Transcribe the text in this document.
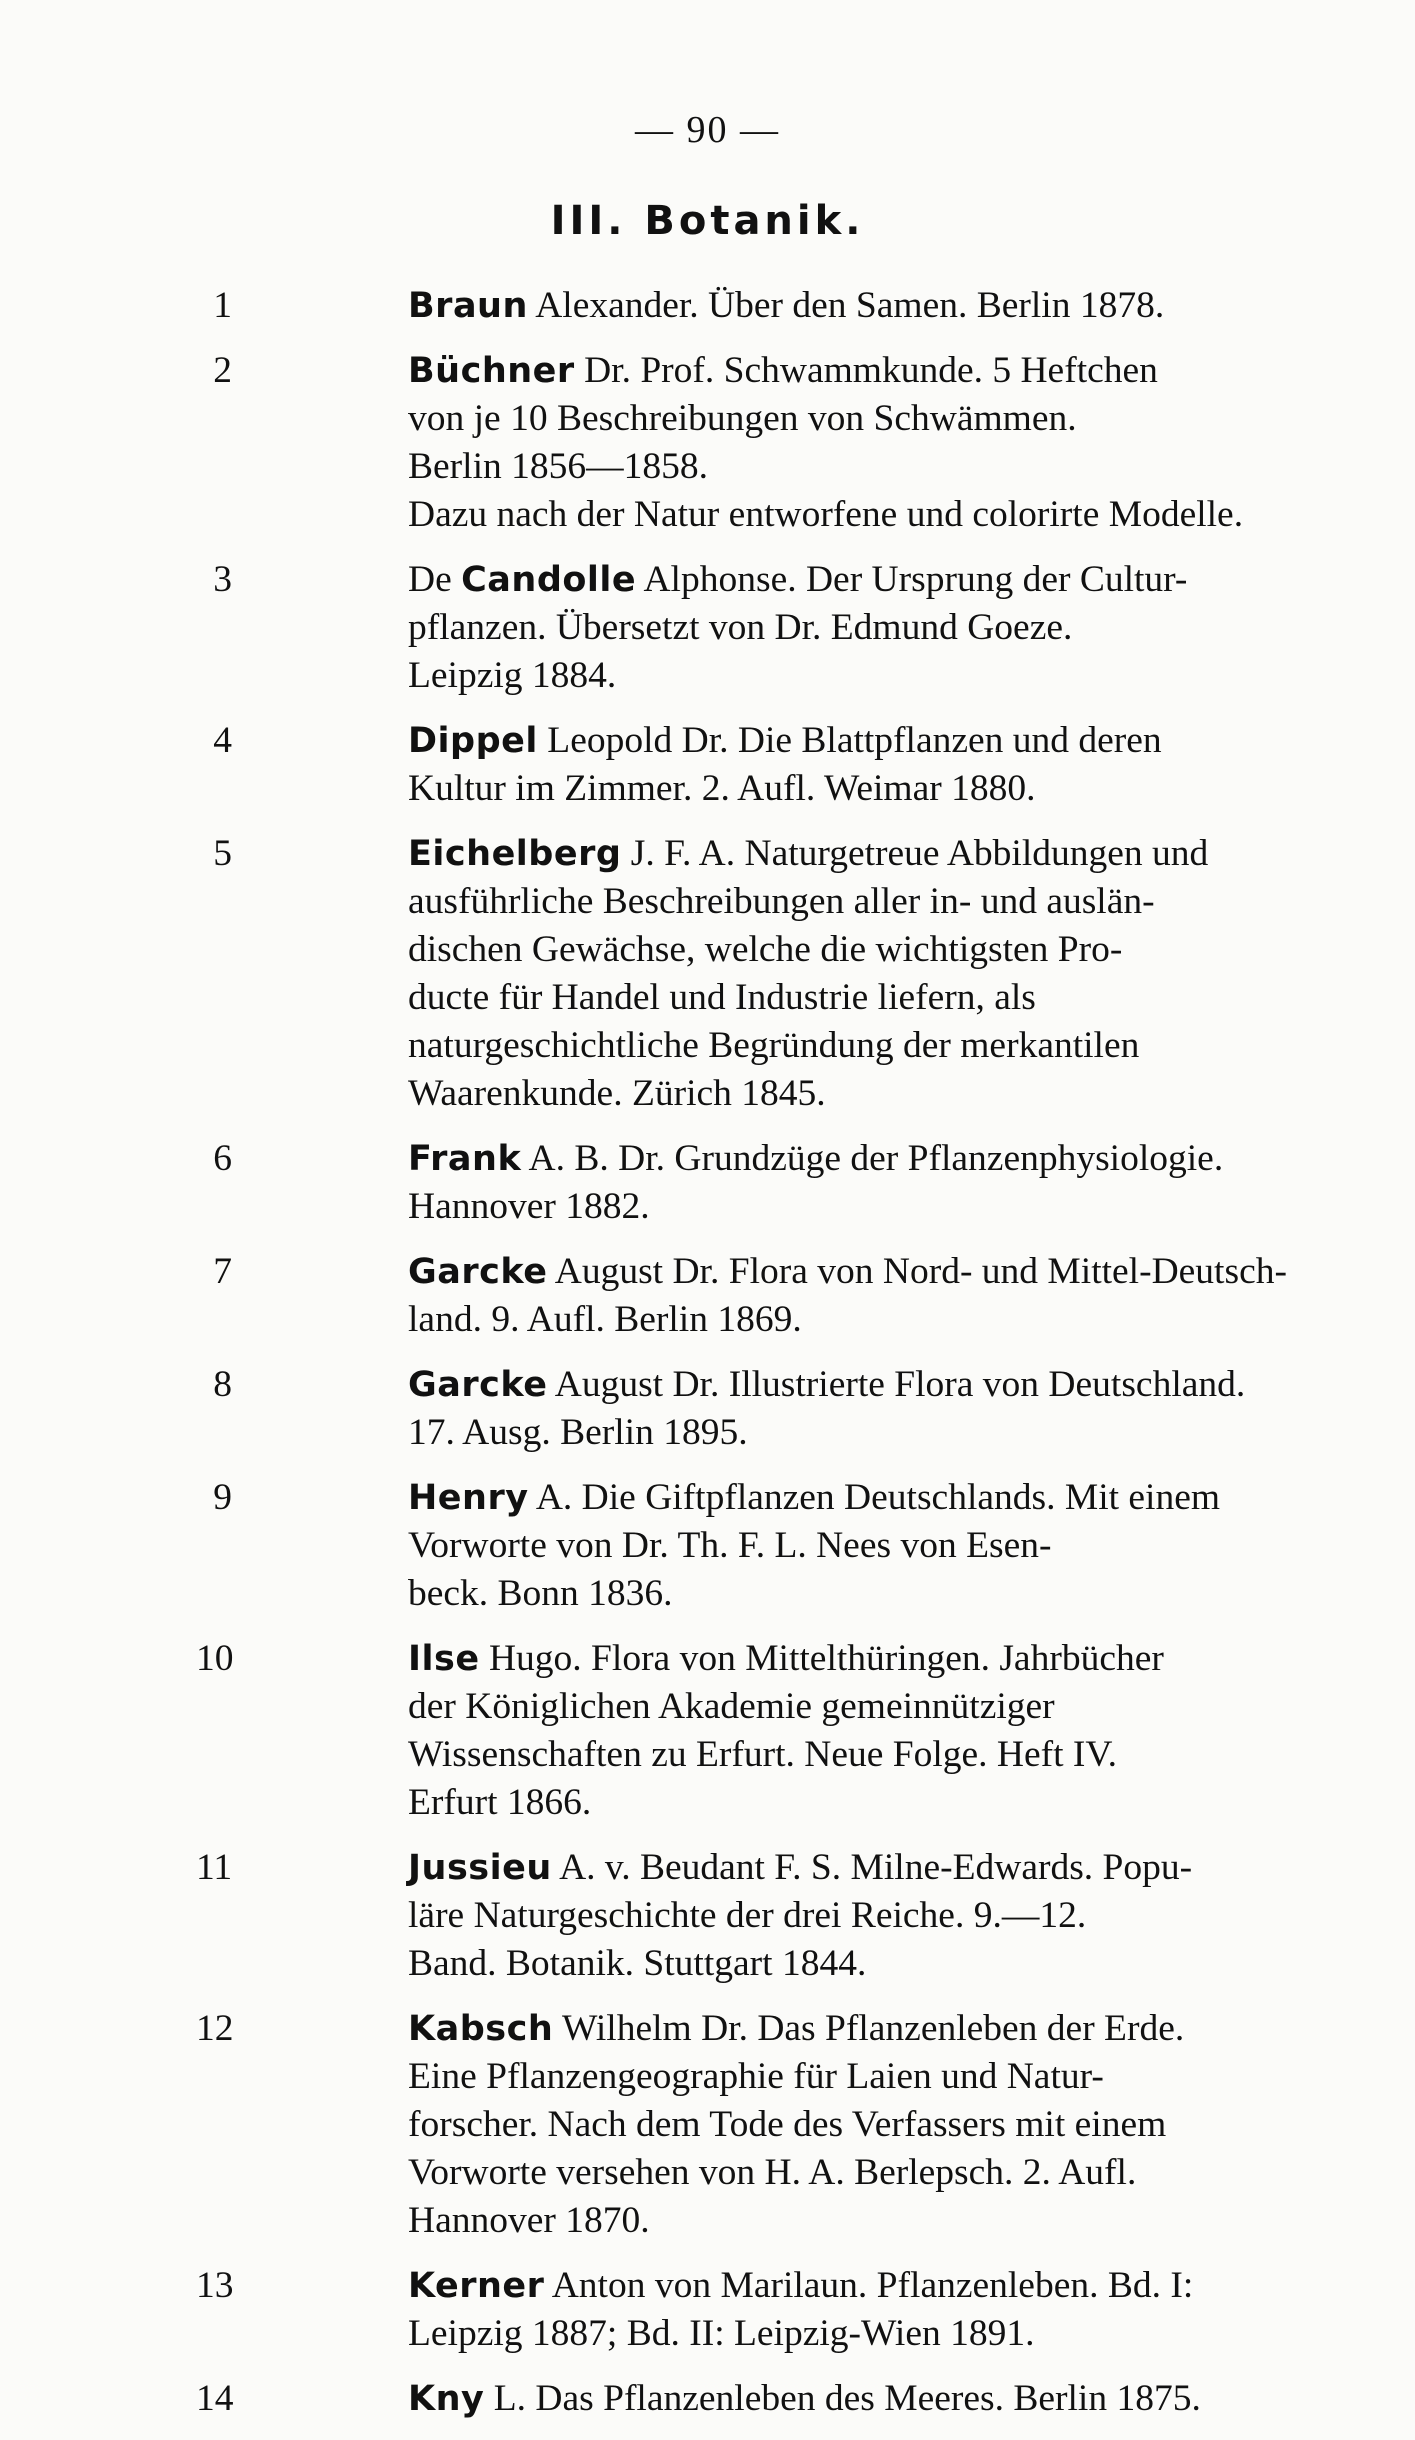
— 90 —
III. Botanik.
1	Braun Alexander. Über den Samen. Berlin 1878.
2	Büchner Dr. Prof. Schwammkunde. 5 Heftchen
von je 10 Beschreibungen von Schwämmen.
Berlin 1856—1858.
Dazu nach der Natur entworfene und colorirte Modelle.
3	De Candolle Alphonse. Der Ursprung der Cultur-
pflanzen. Übersetzt von Dr. Edmund Goeze.
Leipzig 1884.
4	Dippel Leopold Dr. Die Blattpflanzen und deren
Kultur im Zimmer. 2. Aufl. Weimar 1880.
5	Eichelberg J. F. A. Naturgetreue Abbildungen und
ausführliche Beschreibungen aller in- und auslän-
dischen Gewächse, welche die wichtigsten Pro-
ducte für Handel und Industrie liefern, als
naturgeschichtliche Begründung der merkantilen
Waarenkunde. Zürich 1845.
6	Frank A. B. Dr. Grundzüge der Pflanzenphysiologie.
Hannover 1882.
7	Garcke August Dr. Flora von Nord- und Mittel-Deutsch-
land. 9. Aufl. Berlin 1869.
8	Garcke August Dr. Illustrierte Flora von Deutschland.
17. Ausg. Berlin 1895.
9	Henry A. Die Giftpflanzen Deutschlands. Mit einem
Vorworte von Dr. Th. F. L. Nees von Esen-
beck. Bonn 1836.
10	Ilse Hugo. Flora von Mittelthüringen. Jahrbücher
der Königlichen Akademie gemeinnütziger
Wissenschaften zu Erfurt. Neue Folge. Heft IV.
Erfurt 1866.
11	Jussieu A. v. Beudant F. S. Milne-Edwards. Popu-
läre Naturgeschichte der drei Reiche. 9.—12.
Band. Botanik. Stuttgart 1844.
12	Kabsch Wilhelm Dr. Das Pflanzenleben der Erde.
Eine Pflanzengeographie für Laien und Natur-
forscher. Nach dem Tode des Verfassers mit einem
Vorworte versehen von H. A. Berlepsch. 2. Aufl.
Hannover 1870.
13	Kerner Anton von Marilaun. Pflanzenleben. Bd. I:
Leipzig 1887; Bd. II: Leipzig-Wien 1891.
14	Kny L. Das Pflanzenleben des Meeres. Berlin 1875.
